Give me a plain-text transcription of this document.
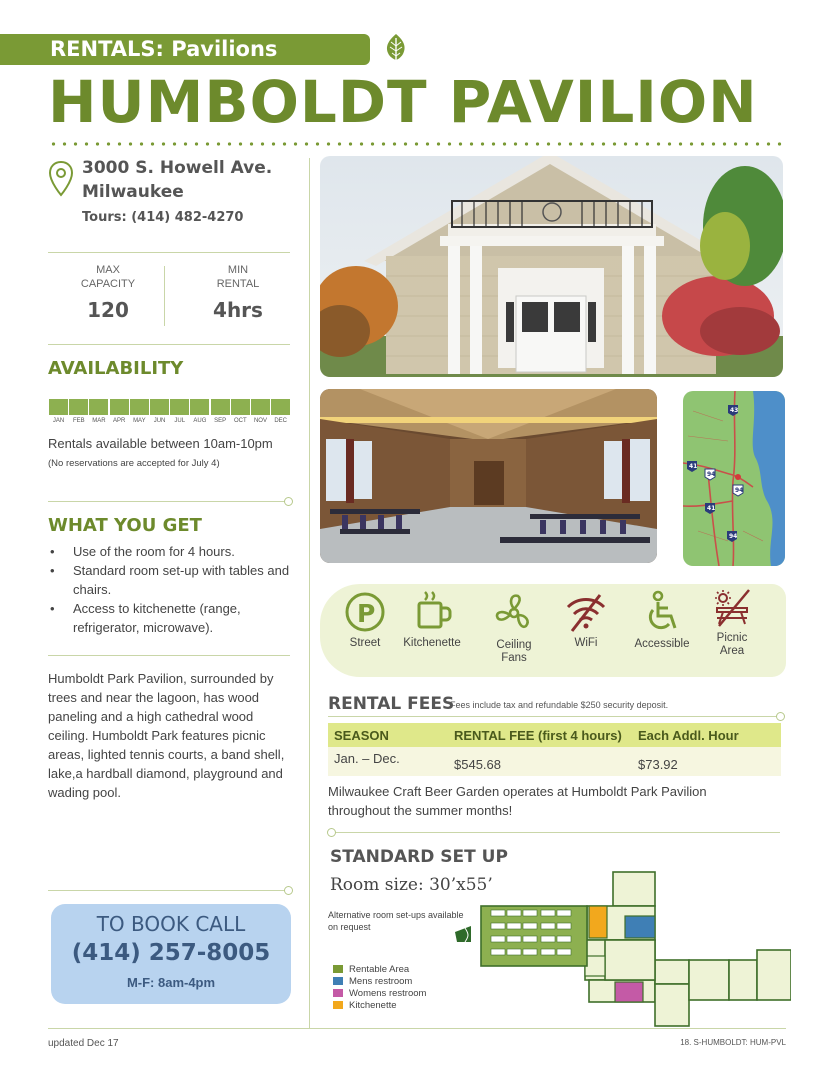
RENTALS: Pavilions
HUMBOLDT PAVILION
3000 S. Howell Ave.
Milwaukee
Tours: (414) 482-4270
MAX
CAPACITY
120
MIN
RENTAL
4hrs
AVAILABILITY
JAN FEB MAR APR MAY JUN JUL AUG SEP OCT NOV DEC
Rentals available between 10am-10pm
(No reservations are accepted for July 4)
WHAT YOU GET
• Use of the room for 4 hours.
• Standard room set-up with tables and chairs.
• Access to kitchenette (range, refrigerator, microwave).
Humboldt Park Pavilion, surrounded by trees and near the lagoon, has wood paneling and a high cathedral wood ceiling. Humboldt Park features picnic areas, lighted tennis courts, a band shell, lake,a hardball diamond, playground and wading pool.
TO BOOK CALL
(414) 257-8005
M-F: 8am-4pm
43
41
94
94
41
94
P
Street	Kitchenette	Ceiling
Fans
WiFi	Accessible	Picnic
Area
RENTAL FEES
Fees include tax and refundable $250 security deposit.
SEASON	RENTAL FEE (first 4 hours)	Each Addl. Hour
Jan. – Dec.	$545.68	$73.92
Milwaukee Craft Beer Garden operates at Humboldt Park Pavilion throughout the summer months!
STANDARD SET UP
Room size: 30’x55’
Alternative room set-ups available on request
Rentable Area
Mens restroom
Womens restroom
Kitchenette
updated Dec 17	18. S-HUMBOLDT: HUM-PVL
